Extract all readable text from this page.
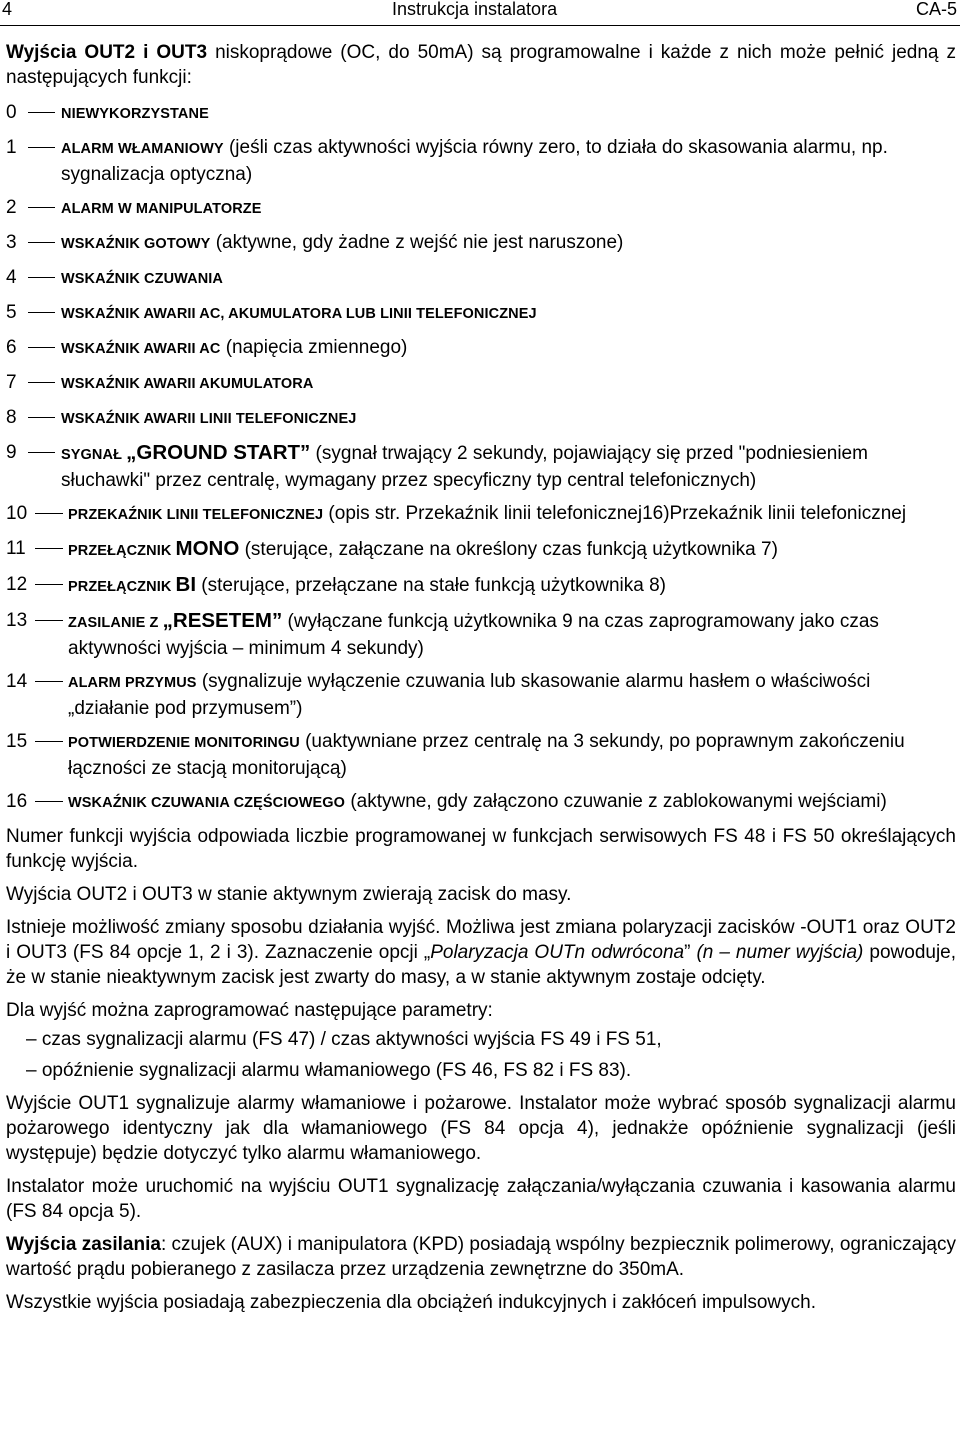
4	Instrukcja instalatora	CA-5

Wyjścia OUT2 i OUT3 niskoprądowe (OC, do 50mA) są programowalne i każde z nich może pełnić jedną z następujących funkcji:

0	NIEWYKORZYSTANE
1	ALARM WŁAMANIOWY (jeśli czas aktywności wyjścia równy zero, to działa do skasowania alarmu, np. sygnalizacja optyczna)
2	ALARM W MANIPULATORZE
3	WSKAŹNIK GOTOWY (aktywne, gdy żadne z wejść nie jest naruszone)
4	WSKAŹNIK CZUWANIA
5	WSKAŹNIK AWARII AC, AKUMULATORA LUB LINII TELEFONICZNEJ
6	WSKAŹNIK AWARII AC (napięcia zmiennego)
7	WSKAŹNIK AWARII AKUMULATORA
8	WSKAŹNIK AWARII LINII TELEFONICZNEJ
9	SYGNAŁ „GROUND START” (sygnał trwający 2 sekundy, pojawiający się przed "podniesieniem słuchawki" przez centralę, wymagany przez specyficzny typ central telefonicznych)
10	PRZEKAŹNIK LINII TELEFONICZNEJ (opis str. Przekaźnik linii telefonicznej16)Przekaźnik linii telefonicznej
11	PRZEŁĄCZNIK MONO (sterujące, załączane na określony czas funkcją użytkownika 7)
12	PRZEŁĄCZNIK BI (sterujące, przełączane na stałe funkcją użytkownika 8)
13	ZASILANIE Z „RESETEM” (wyłączane funkcją użytkownika 9 na czas zaprogramowany jako czas aktywności wyjścia – minimum 4 sekundy)
14	ALARM PRZYMUS (sygnalizuje wyłączenie czuwania lub skasowanie alarmu hasłem o właściwości „działanie pod przymusem”)
15	POTWIERDZENIE MONITORINGU (uaktywniane przez centralę na 3 sekundy, po poprawnym zakończeniu łączności ze stacją monitorującą)
16	WSKAŹNIK CZUWANIA CZĘŚCIOWEGO (aktywne, gdy załączono czuwanie z zablokowanymi wejściami)

Numer funkcji wyjścia odpowiada liczbie programowanej w funkcjach serwisowych FS 48 i FS 50 określających funkcję wyjścia.

Wyjścia OUT2 i OUT3 w stanie aktywnym zwierają zacisk do masy.

Istnieje możliwość zmiany sposobu działania wyjść. Możliwa jest zmiana polaryzacji zacisków -OUT1 oraz OUT2 i OUT3 (FS 84 opcje 1, 2 i 3). Zaznaczenie opcji „Polaryzacja OUTn odwrócona” (n – numer wyjścia) powoduje, że w stanie nieaktywnym zacisk jest zwarty do masy, a w stanie aktywnym zostaje odcięty.

Dla wyjść można zaprogramować następujące parametry:

– czas sygnalizacji alarmu (FS 47) / czas aktywności wyjścia FS 49 i FS 51,
– opóźnienie sygnalizacji alarmu włamaniowego (FS 46, FS 82 i FS 83).

Wyjście OUT1 sygnalizuje alarmy włamaniowe i pożarowe. Instalator może wybrać sposób sygnalizacji alarmu pożarowego identyczny jak dla włamaniowego (FS 84 opcja 4), jednakże opóźnienie sygnalizacji (jeśli występuje) będzie dotyczyć tylko alarmu włamaniowego.

Instalator może uruchomić na wyjściu OUT1 sygnalizację załączania/wyłączania czuwania i kasowania alarmu (FS 84 opcja 5).

Wyjścia zasilania: czujek (AUX) i manipulatora (KPD) posiadają wspólny bezpiecznik polimerowy, ograniczający wartość prądu pobieranego z zasilacza przez urządzenia zewnętrzne do 350mA.

Wszystkie wyjścia posiadają zabezpieczenia dla obciążeń indukcyjnych i zakłóceń impulsowych.
